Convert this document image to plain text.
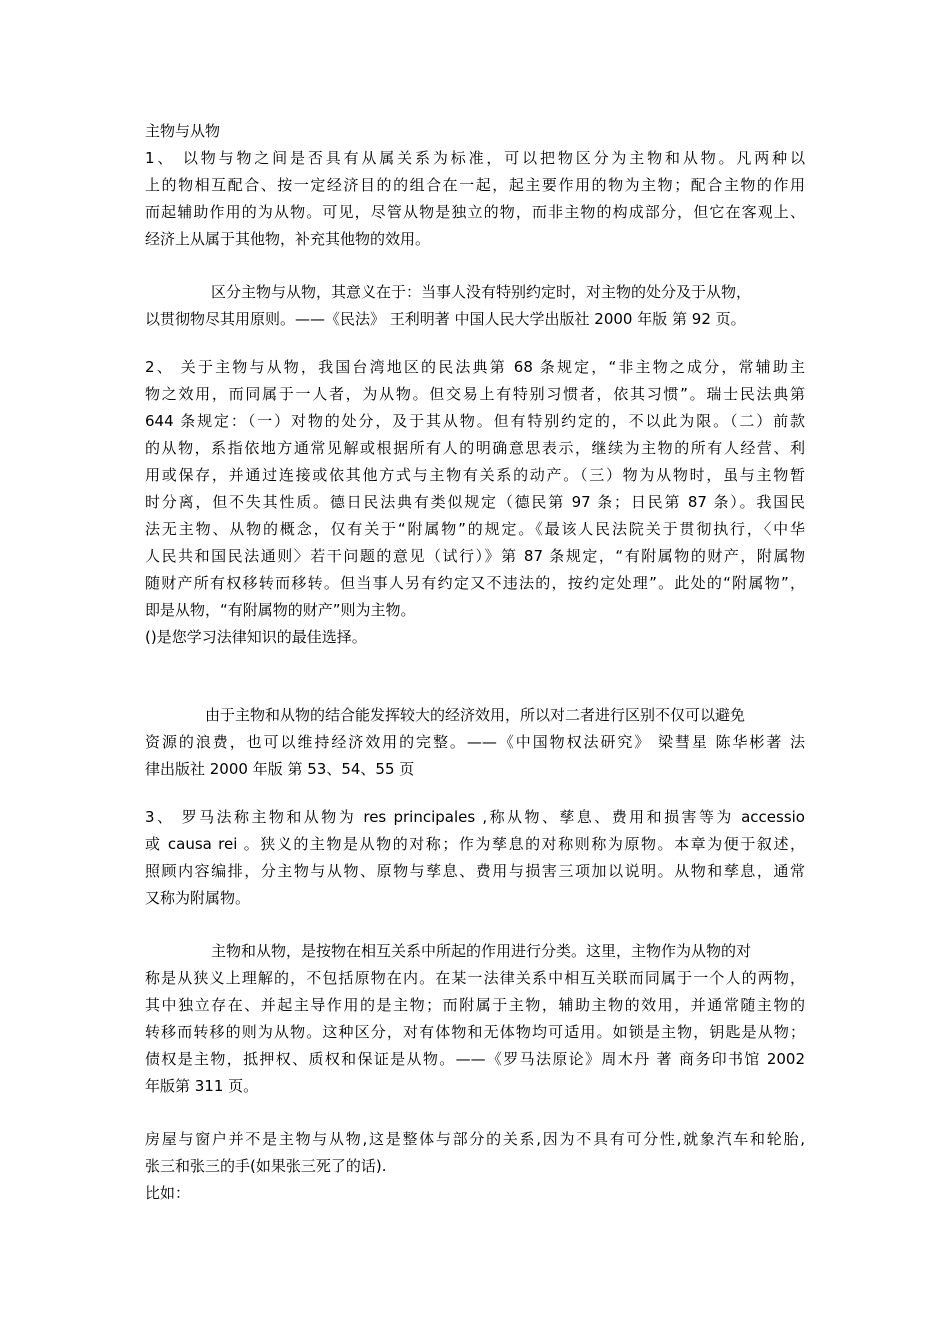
主物与从物
1、 以物与物之间是否具有从属关系为标准，可以把物区分为主物和从物。凡两种以
上的物相互配合、按一定经济目的的组合在一起，起主要作用的物为主物；配合主物的作用
而起辅助作用的为从物。可见，尽管从物是独立的物，而非主物的构成部分，但它在客观上、
经济上从属于其他物，补充其他物的效用。
区分主物与从物，其意义在于：当事人没有特别约定时，对主物的处分及于从物，
以贯彻物尽其用原则。——《民法》 王利明著 中国人民大学出版社 2000 年版 第 92 页。
2、 关于主物与从物，我国台湾地区的民法典第 68 条规定，“非主物之成分，常辅助主
物之效用，而同属于一人者，为从物。但交易上有特别习惯者，依其习惯”。瑞士民法典第
644 条规定：（一）对物的处分，及于其从物。但有特别约定的，不以此为限。（二）前款
的从物，系指依地方通常见解或根据所有人的明确意思表示，继续为主物的所有人经营、利
用或保存，并通过连接或依其他方式与主物有关系的动产。（三）物为从物时，虽与主物暂
时分离，但不失其性质。德日民法典有类似规定（德民第 97 条；日民第 87 条）。我国民
法无主物、从物的概念，仅有关于“附属物”的规定。《最该人民法院关于贯彻执行，〈中华
人民共和国民法通则〉若干问题的意见（试行）》第 87 条规定，“有附属物的财产，附属物
随财产所有权移转而移转。但当事人另有约定又不违法的，按约定处理”。此处的“附属物”，
即是从物，“有附属物的财产”则为主物。
()是您学习法律知识的最佳选择。
由于主物和从物的结合能发挥较大的经济效用，所以对二者进行区别不仅可以避免
资源的浪费，也可以维持经济效用的完整。——《中国物权法研究》 梁彗星 陈华彬著 法
律出版社 2000 年版 第 53、54、55 页
3、 罗马法称主物和从物为 res principales ,称从物、孳息、费用和损害等为 accessio
或 causa rei 。狭义的主物是从物的对称；作为孳息的对称则称为原物。本章为便于叙述，
照顾内容编排，分主物与从物、原物与孳息、费用与损害三项加以说明。从物和孳息，通常
又称为附属物。
主物和从物，是按物在相互关系中所起的作用进行分类。这里，主物作为从物的对
称是从狭义上理解的，不包括原物在内。在某一法律关系中相互关联而同属于一个人的两物，
其中独立存在、并起主导作用的是主物；而附属于主物，辅助主物的效用，并通常随主物的
转移而转移的则为从物。这种区分，对有体物和无体物均可适用。如锁是主物，钥匙是从物；
债权是主物，抵押权、质权和保证是从物。——《罗马法原论》周木丹 著 商务印书馆 2002
年版第 311 页。
房屋与窗户并不是主物与从物,这是整体与部分的关系,因为不具有可分性,就象汽车和轮胎,
张三和张三的手(如果张三死了的话).
比如：
